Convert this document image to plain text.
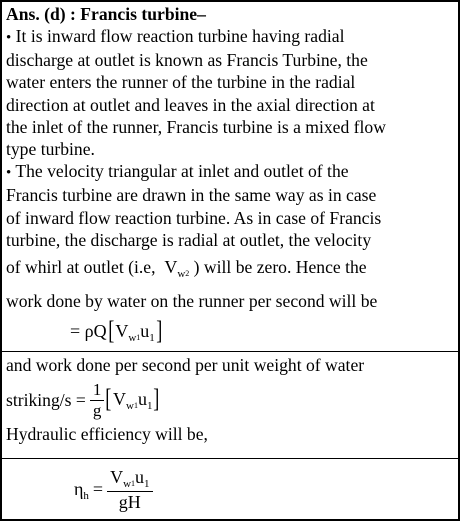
Ans. (d) : Francis turbine–

• It is inward flow reaction turbine having radial

discharge at outlet is known as Francis Turbine, the

water enters the runner of the turbine in the radial

direction at outlet and leaves in the axial direction at

the inlet of the runner, Francis turbine is a mixed flow

type turbine.

• The velocity triangular at inlet and outlet of the

Francis turbine are drawn in the same way as in case

of inward flow reaction turbine. As in case of Francis

turbine, the discharge is radial at outlet, the velocity

of whirl at outlet (i.e, $V_w2$ ) will be zero. Hence the

work done by water on the runner per second will be

= $\rho Q[V_w1u_1]$

and work done per second per unit weight of water

striking/s = $\frac{1}{g} [V_w1u_1]$

Hydraulic efficiency will be,

$\eta_h = \frac{V_w1u_1}{gH}$
